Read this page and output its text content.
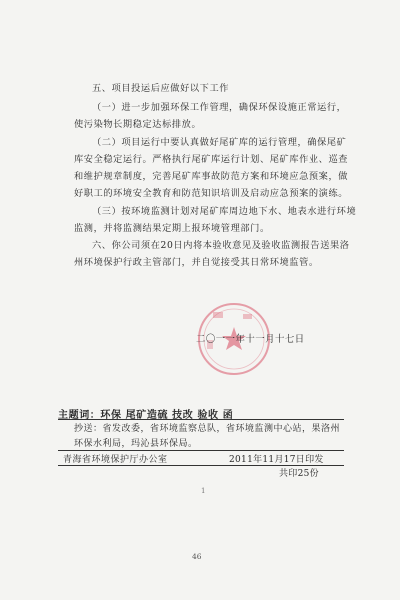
五、项目投运后应做好以下工作
（一）进一步加强环保工作管理，确保环保设施正常运行，
使污染物长期稳定达标排放。
（二）项目运行中要认真做好尾矿库的运行管理，确保尾矿
库安全稳定运行。严格执行尾矿库运行计划、尾矿库作业、巡查
和维护规章制度，完善尾矿库事故防范方案和环境应急预案，做
好职工的环境安全教育和防范知识培训及启动应急预案的演练。
（三）按环境监测计划对尾矿库周边地下水、地表水进行环境
监测，并将监测结果定期上报环境管理部门。
六、你公司须在20日内将本验收意见及验收监测报告送果洛
州环境保护行政主管部门，并自觉接受其日常环境监管。
二〇一一年十一月十七日
主题词：环保 尾矿造硫 技改 验收 函
抄送：省发改委，省环境监察总队，省环境监测中心站，果洛州
环保水利局，玛沁县环保局。
青海省环境保护厅办公室	2011年11月17日印发
共印25份
1
46
